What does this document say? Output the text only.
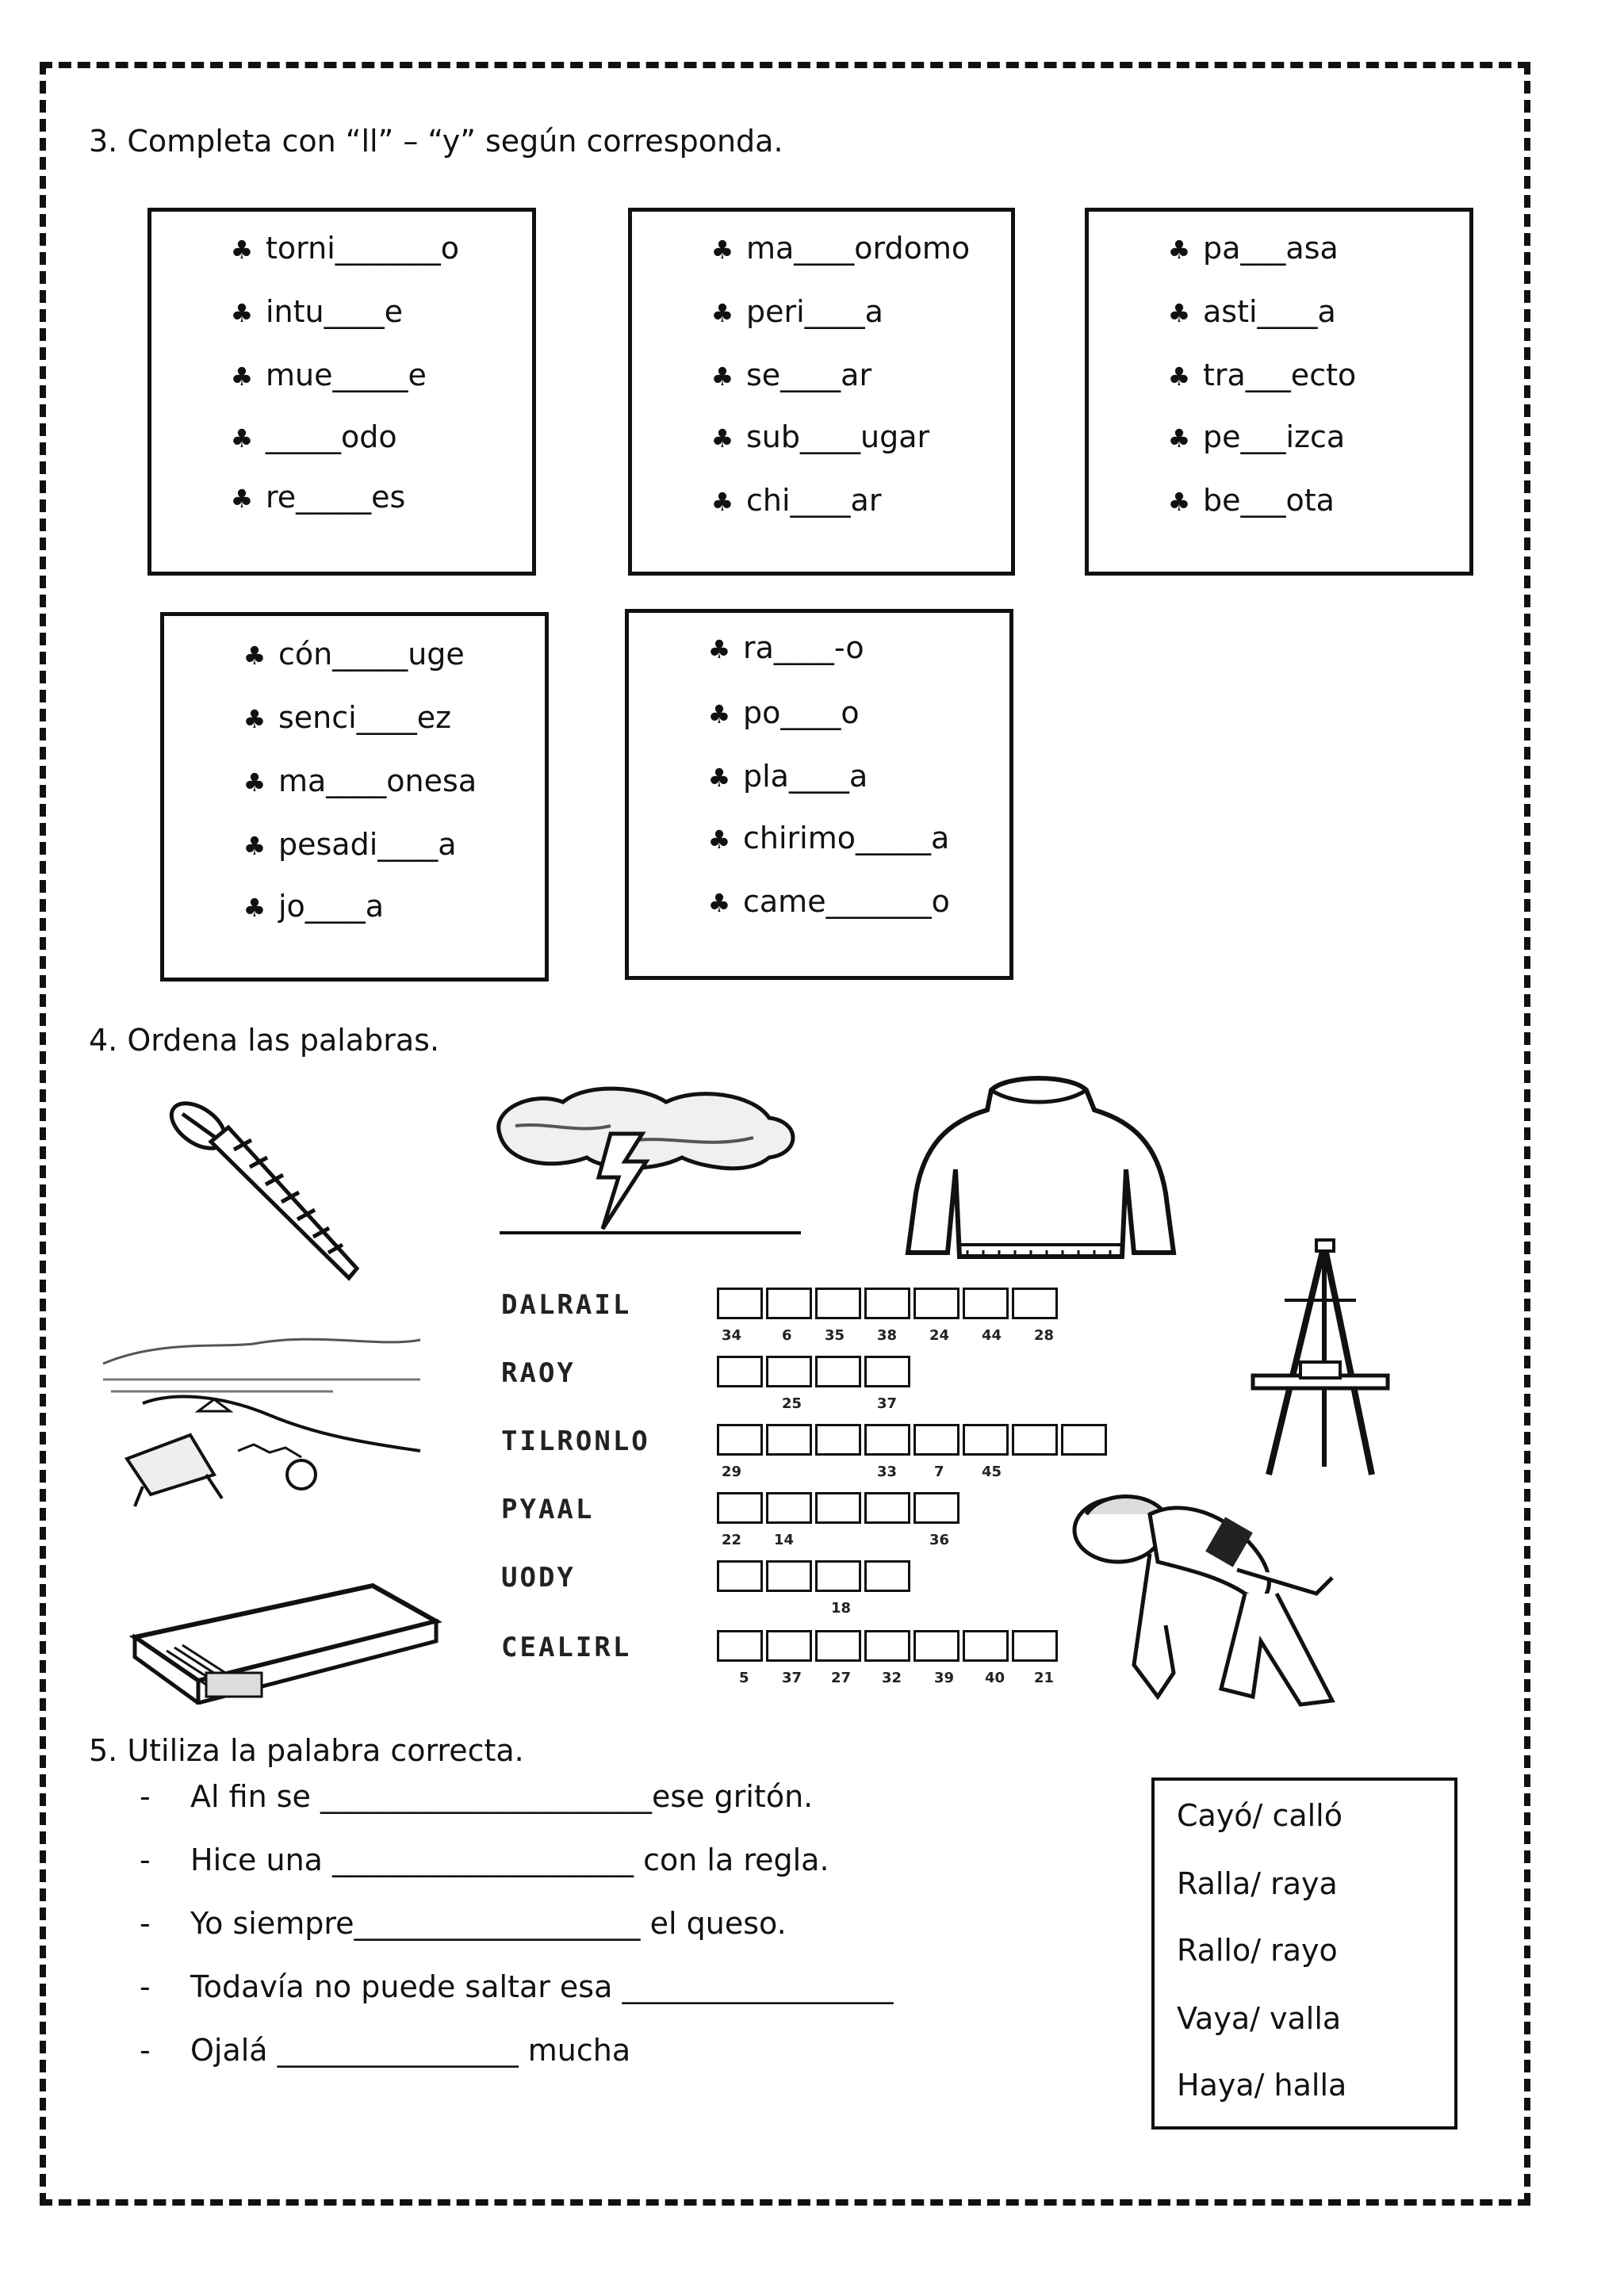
3. Completa con “ll” – “y” según corresponda.
♣ torni_______o
♣ intu____e
♣ mue_____e
♣ _____odo
♣ re_____es
♣ ma____ordomo
♣ peri____a
♣ se____ar
♣ sub____ugar
♣ chi____ar
♣ pa___asa
♣ asti____a
♣ tra___ecto
♣ pe___izca
♣ be___ota
♣ cón_____uge
♣ senci____ez
♣ ma____onesa
♣ pesadi____a
♣ jo____a
♣ ra____-o
♣ po____o
♣ pla____a
♣ chirimo_____a
♣ came_______o
4. Ordena las palabras.
DALRAIL
34	6 35 38 24 44 28
RAOY
25	37
TILRONLO
29	33	7	45
PYAAL
22 14	36
UODY
18
CEALIRL
5 37 27 32 39 40 21
5. Utiliza la palabra correcta.
- Al fin se ______________________ese gritón.
- Hice una ____________________ con la regla.
- Yo siempre___________________ el queso.
- Todavía no puede saltar esa __________________
- Ojalá ________________ mucha
Cayó/ calló
Ralla/ raya
Rallo/ rayo
Vaya/ valla
Haya/ halla
